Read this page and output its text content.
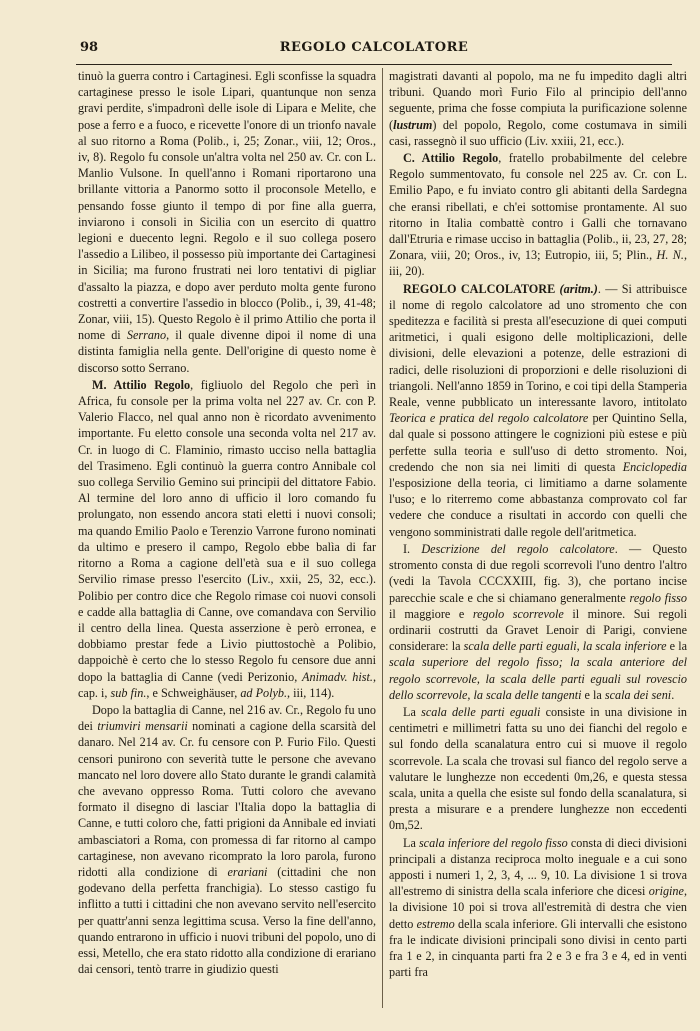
98	REGOLO CALCOLATORE

tinuò la guerra contro i Cartaginesi. Egli sconfisse la squadra cartaginese presso le isole Lipari, quantunque non senza gravi perdite, s'impadronì delle isole di Lipara e Melite, che pose a ferro e a fuoco, e ricevette l'onore di un trionfo navale al suo ritorno a Roma (Polib., i, 25; Zonar., viii, 12; Oros., iv, 8). Regolo fu console un'altra volta nel 250 av. Cr. con L. Manlio Vulsone. In quell'anno i Romani riportarono una brillante vittoria a Panormo sotto il proconsole Metello, e pensando fosse giunto il tempo di por fine alla guerra, inviarono i consoli in Sicilia con un esercito di quattro legioni e duecento legni. Regolo e il suo collega posero l'assedio a Lilibeo, il possesso più importante dei Cartaginesi in Sicilia; ma furono frustrati nei loro tentativi di pigliar d'assalto la piazza, e dopo aver perduto molta gente furono costretti a convertire l'assedio in blocco (Polib., i, 39, 41-48; Zonar, viii, 15). Questo Regolo è il primo Attilio che porta il nome di Serrano, il quale divenne dipoi il nome di una distinta famiglia nella gente. Dell'origine di questo nome è discorso sotto Serrano.

M. Attilio Regolo, figliuolo del Regolo che perì in Africa, fu console per la prima volta nel 227 av. Cr. con P. Valerio Flacco, nel qual anno non è ricordato avvenimento importante. Fu eletto console una seconda volta nel 217 av. Cr. in luogo di C. Flaminio, rimasto ucciso nella battaglia del Trasimeno. Egli continuò la guerra contro Annibale col suo collega Servilio Gemino sui principii del dittatore Fabio. Al termine del loro anno di ufficio il loro comando fu prolungato, non essendo ancora stati eletti i nuovi consoli; ma quando Emilio Paolo e Terenzio Varrone furono nominati da ultimo e presero il campo, Regolo ebbe balìa di far ritorno a Roma a cagione dell'età sua e il suo collega Servilio rimase presso l'esercito (Liv., xxii, 25, 32, ecc.). Polibio per contro dice che Regolo rimase coi nuovi consoli e cadde alla battaglia di Canne, ove comandava con Servilio il centro della linea. Questa asserzione è però erronea, e dobbiamo prestar fede a Livio piuttostochè a Polibio, dappoichè è certo che lo stesso Regolo fu censore due anni dopo la battaglia di Canne (vedi Perizonio, Animadv. hist., cap. i, sub fin., e Schweighäuser, ad Polyb., iii, 114).

Dopo la battaglia di Canne, nel 216 av. Cr., Regolo fu uno dei triumviri mensarii nominati a cagione della scarsità del danaro. Nel 214 av. Cr. fu censore con P. Furio Filo. Questi censori punirono con severità tutte le persone che avevano mancato nel loro dovere allo Stato durante le grandi calamità che avevano oppresso Roma. Tutti coloro che avevano formato il disegno di lasciar l'Italia dopo la battaglia di Canne, e tutti coloro che, fatti prigioni da Annibale ed inviati ambasciatori a Roma, con promessa di far ritorno al campo cartaginese, non avevano ricomprato la loro parola, furono ridotti alla condizione di erariani (cittadini che non godevano della perfetta franchigia). Lo stesso castigo fu inflitto a tutti i cittadini che non avevano servito nell'esercito per quattr'anni senza legittima scusa. Verso la fine dell'anno, quando entrarono in ufficio i nuovi tribuni del popolo, uno di essi, Metello, che era stato ridotto alla condizione di erariano dai censori, tentò trarre in giudizio questi

magistrati davanti al popolo, ma ne fu impedito dagli altri tribuni. Quando morì Furio Filo al principio dell'anno seguente, prima che fosse compiuta la purificazione solenne (lustrum) del popolo, Regolo, come costumava in simili casi, rassegnò il suo ufficio (Liv. xxiii, 21, ecc.).

C. Attilio Regolo, fratello probabilmente del celebre Regolo summentovato, fu console nel 225 av. Cr. con L. Emilio Papo, e fu inviato contro gli abitanti della Sardegna che eransi ribellati, e ch'ei sottomise prontamente. Al suo ritorno in Italia combattè contro i Galli che tornavano dall'Etruria e rimase ucciso in battaglia (Polib., ii, 23, 27, 28; Zonara, viii, 20; Oros., iv, 13; Eutropio, iii, 5; Plin., H. N., iii, 20).

REGOLO CALCOLATORE (aritm.). — Si attribuisce il nome di regolo calcolatore ad uno stromento che con speditezza e facilità si presta all'esecuzione di quei computi aritmetici, i quali esigono delle moltiplicazioni, delle divisioni, delle elevazioni a potenze, delle estrazioni di radici, delle risoluzioni di proporzioni e delle risoluzioni di triangoli. Nell'anno 1859 in Torino, e coi tipi della Stamperia Reale, venne pubblicato un interessante lavoro, intitolato Teorica e pratica del regolo calcolatore per Quintino Sella, dal quale si possono attingere le cognizioni più estese e più perfette sulla teoria e sull'uso di detto stromento. Noi, credendo che non sia nei limiti di questa Enciclopedia l'esposizione della teoria, ci limitiamo a darne solamente l'uso; e lo riterremo come abbastanza comprovato col far vedere che conduce a risultati in accordo con quelli che vengono somministrati dalle regole dell'aritmetica.

I. Descrizione del regolo calcolatore. — Questo stromento consta di due regoli scorrevoli l'uno dentro l'altro (vedi la Tavola CCCXXIII, fig. 3), che portano incise parecchie scale e che si chiamano generalmente regolo fisso il maggiore e regolo scorrevole il minore. Sui regoli ordinarii costrutti da Gravet Lenoir di Parigi, conviene considerare: la scala delle parti eguali, la scala inferiore e la scala superiore del regolo fisso; la scala anteriore del regolo scorrevole, la scala delle parti eguali sul rovescio dello scorrevole, la scala delle tangenti e la scala dei seni.

La scala delle parti eguali consiste in una divisione in centimetri e millimetri fatta su uno dei fianchi del regolo e sul fondo della scanalatura entro cui si muove il regolo scorrevole. La scala che trovasi sul fianco del regolo serve a valutare le lunghezze non eccedenti 0m,26, e questa stessa scala, unita a quella che esiste sul fondo della scanalatura, si presta a misurare e a prendere lunghezze non eccedenti 0m,52.

La scala inferiore del regolo fisso consta di dieci divisioni principali a distanza reciproca molto ineguale e a cui sono apposti i numeri 1, 2, 3, 4, ... 9, 10. La divisione 1 si trova all'estremo di sinistra della scala inferiore che dicesi origine, la divisione 10 poi si trova all'estremità di destra che vien detto estremo della scala inferiore. Gli intervalli che esistono fra le indicate divisioni principali sono divisi in cento parti fra 1 e 2, in cinquanta parti fra 2 e 3 e fra 3 e 4, ed in venti parti fra
